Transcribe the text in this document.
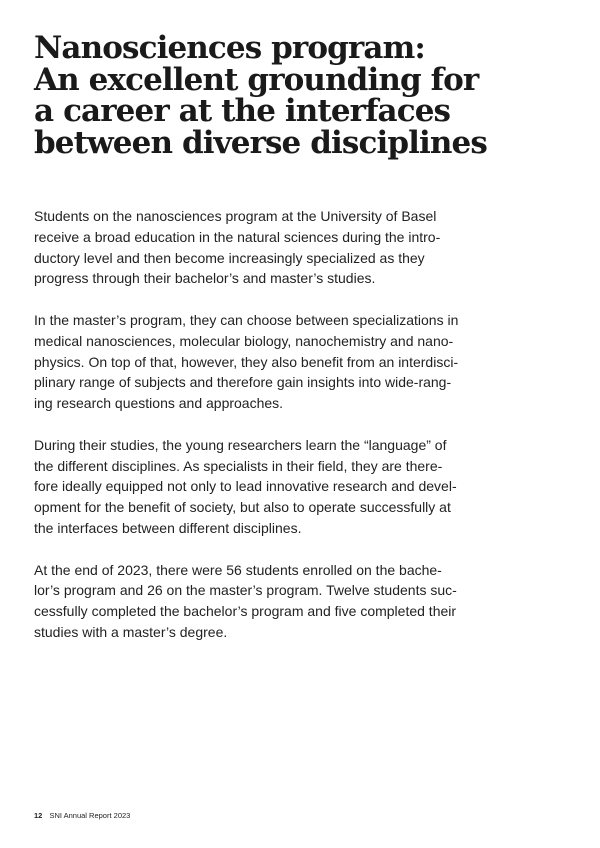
Nanosciences program:
An excellent grounding for
a career at the interfaces
between diverse disciplines

Students on the nanosciences program at the University of Basel
receive a broad education in the natural sciences during the intro-
ductory level and then become increasingly specialized as they
progress through their bachelor’s and master’s studies.

In the master’s program, they can choose between specializations in
medical nanosciences, molecular biology, nanochemistry and nano-
physics. On top of that, however, they also benefit from an interdisci-
plinary range of subjects and therefore gain insights into wide-rang-
ing research questions and approaches.

During their studies, the young researchers learn the “language” of
the different disciplines. As specialists in their field, they are there-
fore ideally equipped not only to lead innovative research and devel-
opment for the benefit of society, but also to operate successfully at
the interfaces between different disciplines.

At the end of 2023, there were 56 students enrolled on the bache-
lor’s program and 26 on the master’s program. Twelve students suc-
cessfully completed the bachelor’s program and five completed their
studies with a master’s degree.

12 SNI Annual Report 2023
